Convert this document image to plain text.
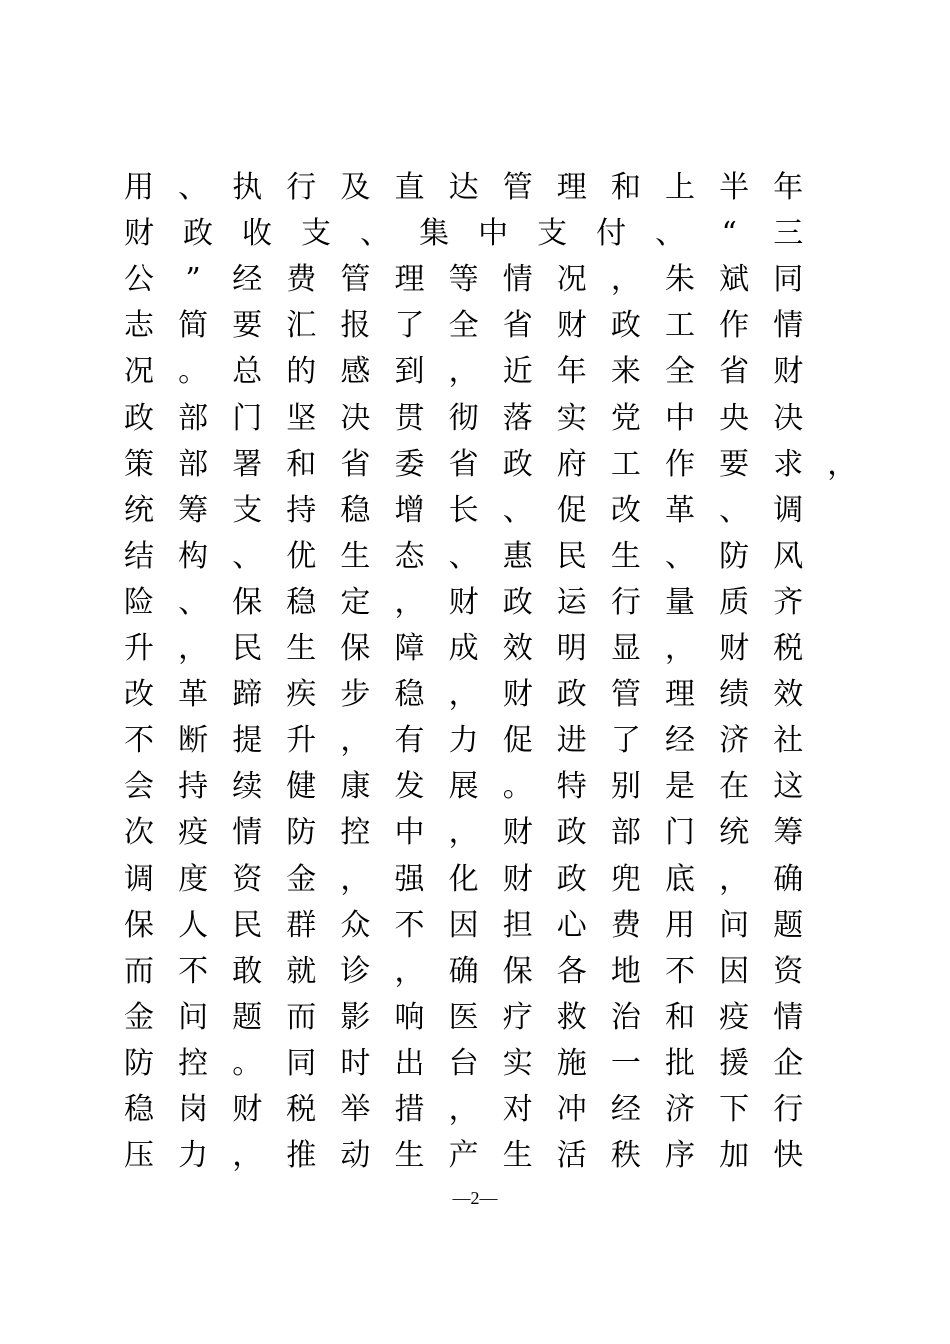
用 、 执 行 及 直 达 管 理 和 上 半 年
财 政 收 支 、 集 中 支 付 、	“	三
公	”	经 费 管 理 等 情 况 ， 朱 斌 同
志 简 要 汇 报 了 全 省 财 政 工 作 情
况 。 总 的 感 到 ， 近 年 来 全 省 财
政 部 门 坚 决 贯 彻 落 实 党 中 央 决
策 部 署 和 省 委 省 政 府 工 作 要 求 ，
统 筹 支 持 稳 增 长 、 促 改 革 、 调
结 构 、 优 生 态 、 惠 民 生 、 防 风
险 、 保 稳 定 ， 财 政 运 行 量 质 齐
升 ， 民 生 保 障 成 效 明 显 ， 财 税
改 革 蹄 疾 步 稳 ， 财 政 管 理 绩 效
不 断 提 升 ， 有 力 促 进 了 经 济 社
会 持 续 健 康 发 展 。 特 别 是 在 这
次 疫 情 防 控 中 ， 财 政 部 门 统 筹
调 度 资 金 ， 强 化 财 政 兜 底 ， 确
保 人 民 群 众 不 因 担 心 费 用 问 题
而 不 敢 就 诊 ， 确 保 各 地 不 因 资
金 问 题 而 影 响 医 疗 救 治 和 疫 情
防 控 。 同 时 出 台 实 施 一 批 援 企
稳 岗 财 税 举 措 ， 对 冲 经 济 下 行
压 力 ， 推 动 生 产 生 活 秩 序 加 快
—2—
